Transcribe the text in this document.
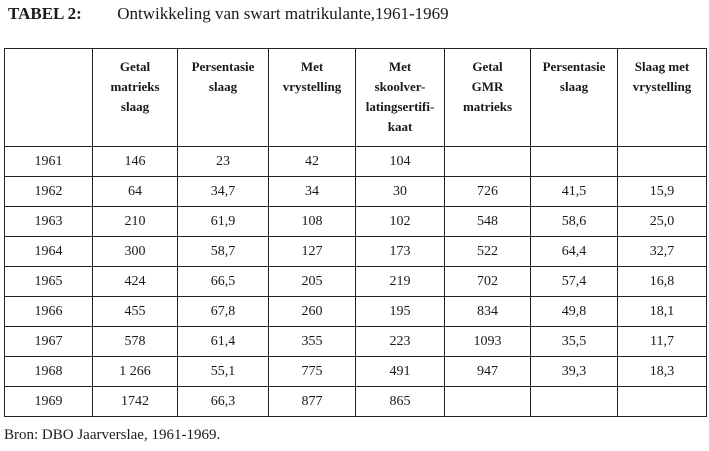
TABEL 2: Ontwikkeling van swart matrikulante,1961-1969
	Getal
matrieks
slaag	Persentasie
slaag	Met
vrystelling	Met
skoolver-
latingsertifi-
kaat	Getal
GMR
matrieks	Persentasie
slaag	Slaag met
vrystelling
1961	146	23	42	104			
1962	64	34,7	34	30	726	41,5	15,9
1963	210	61,9	108	102	548	58,6	25,0
1964	300	58,7	127	173	522	64,4	32,7
1965	424	66,5	205	219	702	57,4	16,8
1966	455	67,8	260	195	834	49,8	18,1
1967	578	61,4	355	223	1093	35,5	11,7
1968	1 266	55,1	775	491	947	39,3	18,3
1969	1742	66,3	877	865			
Bron: DBO Jaarverslae, 1961-1969.
